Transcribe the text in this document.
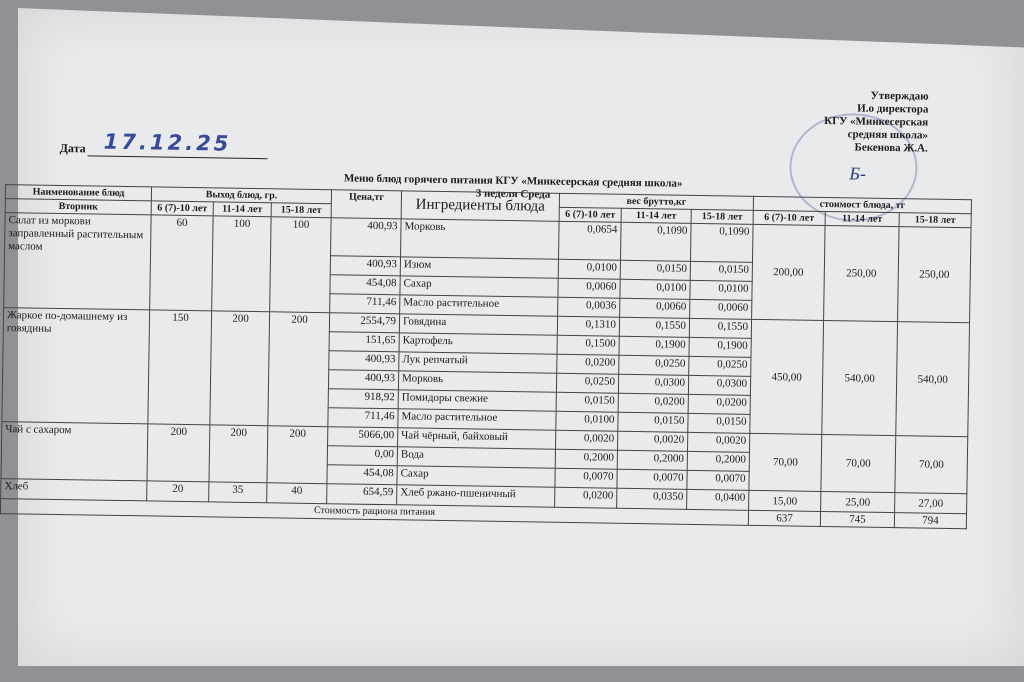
Утверждаю
И.о директора
КГУ «Минкесерская
средняя школа»
Бекенова Ж.А.
Б-
Дата 17.12.25
Меню блюд горячего питания КГУ «Минкесерская средняя школа»
3 неделя Среда
Наименование блюд	Выход блюд, гр.			Цена,тг	Ингредиенты блюда	вес брутто,кг			стоимост блюда, тг		
Вторник	6 (7)-10 лет	11-14 лет	15-18 лет			6 (7)-10 лет	11-14 лет	15-18 лет	6 (7)-10 лет	11-14 лет	15-18 лет
Салат из моркови заправленный растительным маслом	60	100	100	400,93	Морковь	0,0654	0,1090	0,1090	200,00	250,00	250,00
				400,93	Изюм	0,0100	0,0150	0,0150			
				454,08	Сахар	0,0060	0,0100	0,0100			
				711,46	Масло растительное	0,0036	0,0060	0,0060			
Жаркое по-домашнему из говядины	150	200	200	2554,79	Говядина	0,1310	0,1550	0,1550	450,00	540,00	540,00
				151,65	Картофель	0,1500	0,1900	0,1900			
				400,93	Лук репчатый	0,0200	0,0250	0,0250			
				400,93	Морковь	0,0250	0,0300	0,0300			
				918,92	Помидоры свежие	0,0150	0,0200	0,0200			
				711,46	Масло растительное	0,0100	0,0150	0,0150			
Чай с сахаром	200	200	200	5066,00	Чай чёрный, байховый	0,0020	0,0020	0,0020	70,00	70,00	70,00
				0,00	Вода	0,2000	0,2000	0,2000			
				454,08	Сахар	0,0070	0,0070	0,0070			
Хлеб	20	35	40	654,59	Хлеб ржано-пшеничный	0,0200	0,0350	0,0400	15,00	25,00	27,00
Стоимость рациона питания									637	745	794
